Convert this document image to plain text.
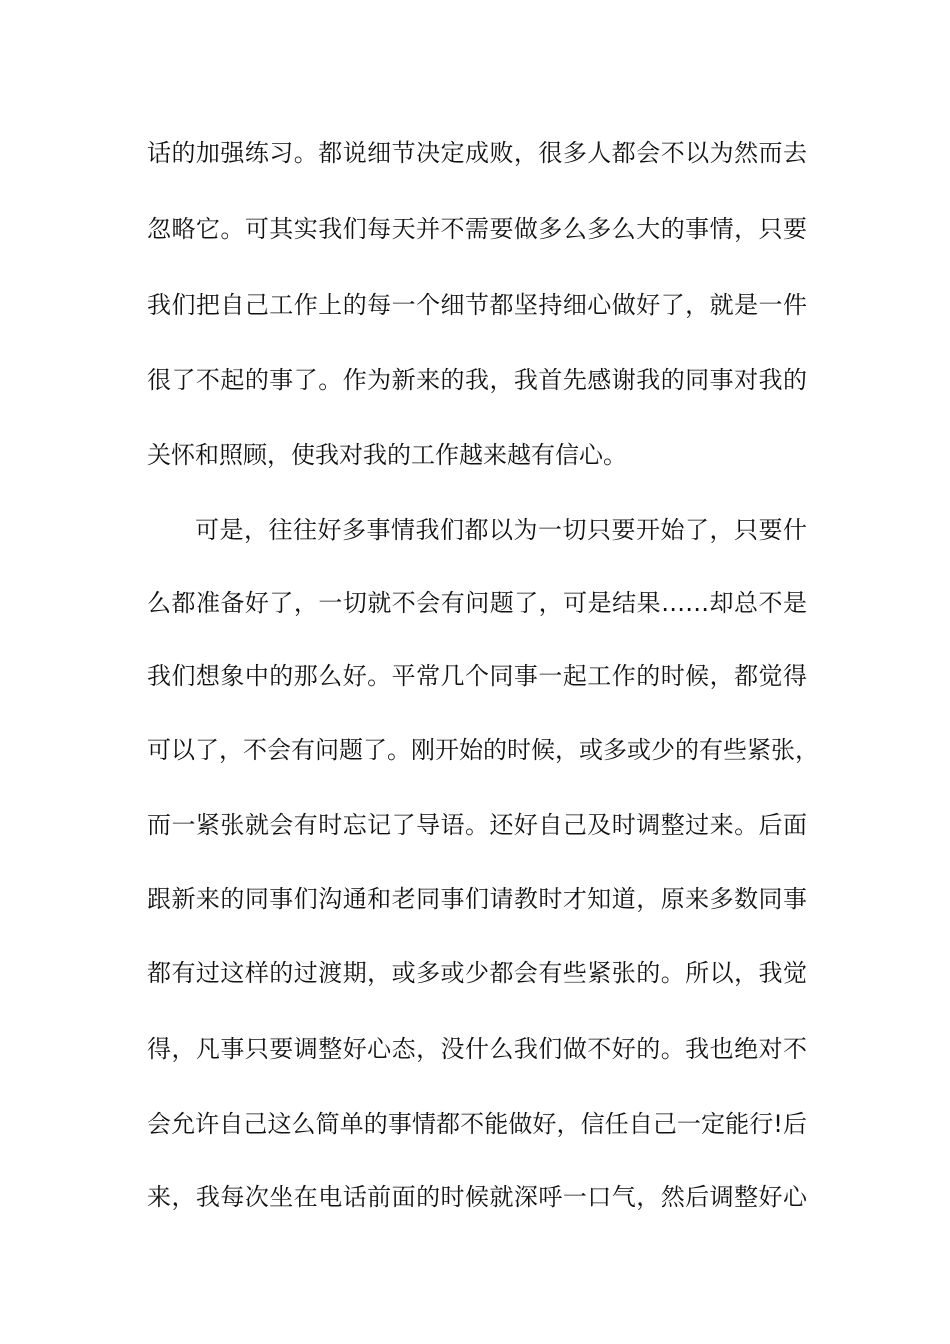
话的加强练习。都说细节决定成败，很多人都会不以为然而去
忽略它。可其实我们每天并不需要做多么多么大的事情，只要
我们把自己工作上的每一个细节都坚持细心做好了，就是一件
很了不起的事了。作为新来的我，我首先感谢我的同事对我的
关怀和照顾，使我对我的工作越来越有信心。
可是，往往好多事情我们都以为一切只要开始了，只要什
么都准备好了，一切就不会有问题了，可是结果……却总不是
我们想象中的那么好。平常几个同事一起工作的时候，都觉得
可以了，不会有问题了。刚开始的时候，或多或少的有些紧张，
而一紧张就会有时忘记了导语。还好自己及时调整过来。后面
跟新来的同事们沟通和老同事们请教时才知道，原来多数同事
都有过这样的过渡期，或多或少都会有些紧张的。所以，我觉
得，凡事只要调整好心态，没什么我们做不好的。我也绝对不
会允许自己这么简单的事情都不能做好，信任自己一定能行!后
来，我每次坐在电话前面的时候就深呼一口气，然后调整好心
